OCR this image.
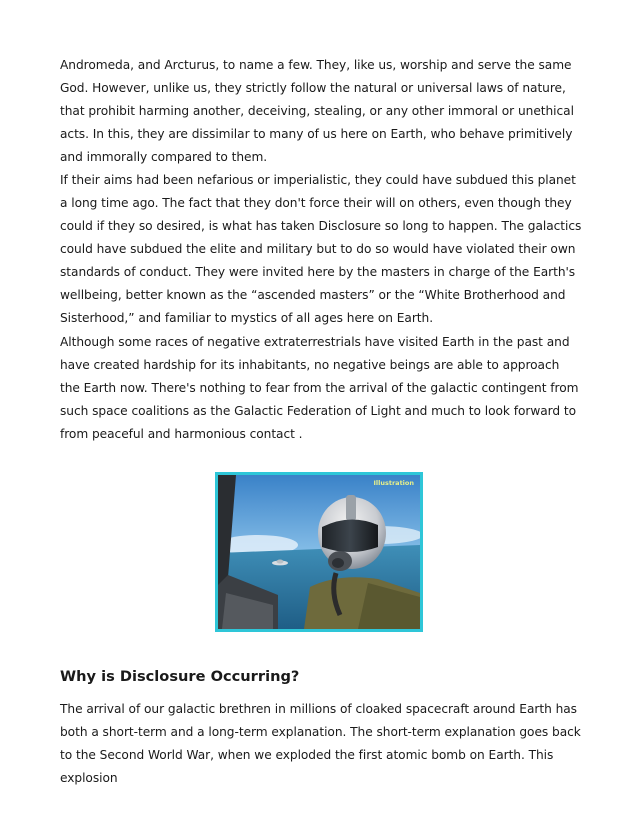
Andromeda, and Arcturus, to name a few. They, like us, worship and serve the same God. However, unlike us, they strictly follow the natural or universal laws of nature, that prohibit harming another, deceiving, stealing, or any other immoral or unethical acts. In this, they are dissimilar to many of us here on Earth, who behave primitively and immorally compared to them.

If their aims had been nefarious or imperialistic, they could have subdued this planet a long time ago. The fact that they don't force their will on others, even though they could if they so desired, is what has taken Disclosure so long to happen. The galactics could have subdued the elite and military but to do so would have violated their own standards of conduct. They were invited here by the masters in charge of the Earth's wellbeing, better known as the “ascended masters” or the “White Brotherhood and Sisterhood,” and familiar to mystics of all ages here on Earth.

Although some races of negative extraterrestrials have visited Earth in the past and have created hardship for its inhabitants, no negative beings are able to approach the Earth now. There's nothing to fear from the arrival of the galactic contingent from such space coalitions as the Galactic Federation of Light and much to look forward to from peaceful and harmonious contact .

Illustration
Why is Disclosure Occurring?

The arrival of our galactic brethren in millions of cloaked spacecraft around Earth has both a short-term and a long-term explanation. The short-term explanation goes back to the Second World War, when we exploded the first atomic bomb on Earth. This explosion
